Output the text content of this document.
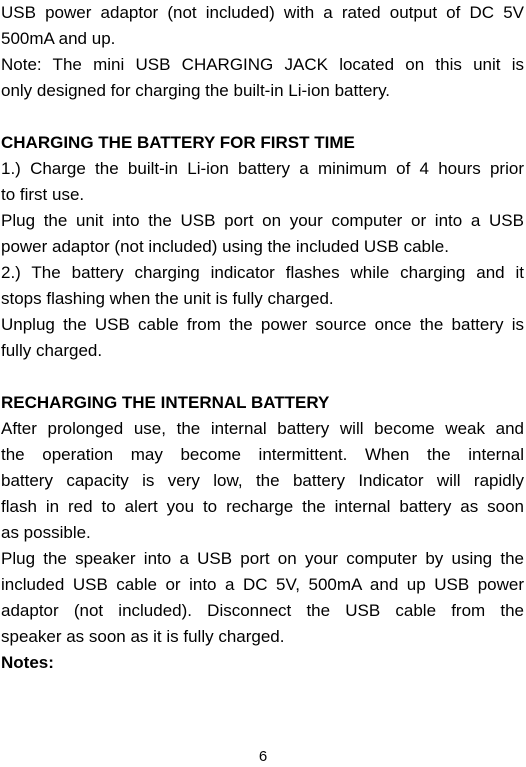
USB power adaptor (not included) with a rated output of DC 5V
500mA and up.
Note: The mini USB CHARGING JACK located on this unit is
only designed for charging the built-in Li-ion battery.
CHARGING THE BATTERY FOR FIRST TIME
1.) Charge the built-in Li-ion battery a minimum of 4 hours prior
to first use.
Plug the unit into the USB port on your computer or into a USB
power adaptor (not included) using the included USB cable.
2.) The battery charging indicator flashes while charging and it
stops flashing when the unit is fully charged.
Unplug the USB cable from the power source once the battery is
fully charged.
RECHARGING THE INTERNAL BATTERY
After prolonged use, the internal battery will become weak and
the operation may become intermittent. When the internal
battery capacity is very low, the battery Indicator will rapidly
flash in red to alert you to recharge the internal battery as soon
as possible.
Plug the speaker into a USB port on your computer by using the
included USB cable or into a DC 5V, 500mA and up USB power
adaptor (not included). Disconnect the USB cable from the
speaker as soon as it is fully charged.
Notes:
6
